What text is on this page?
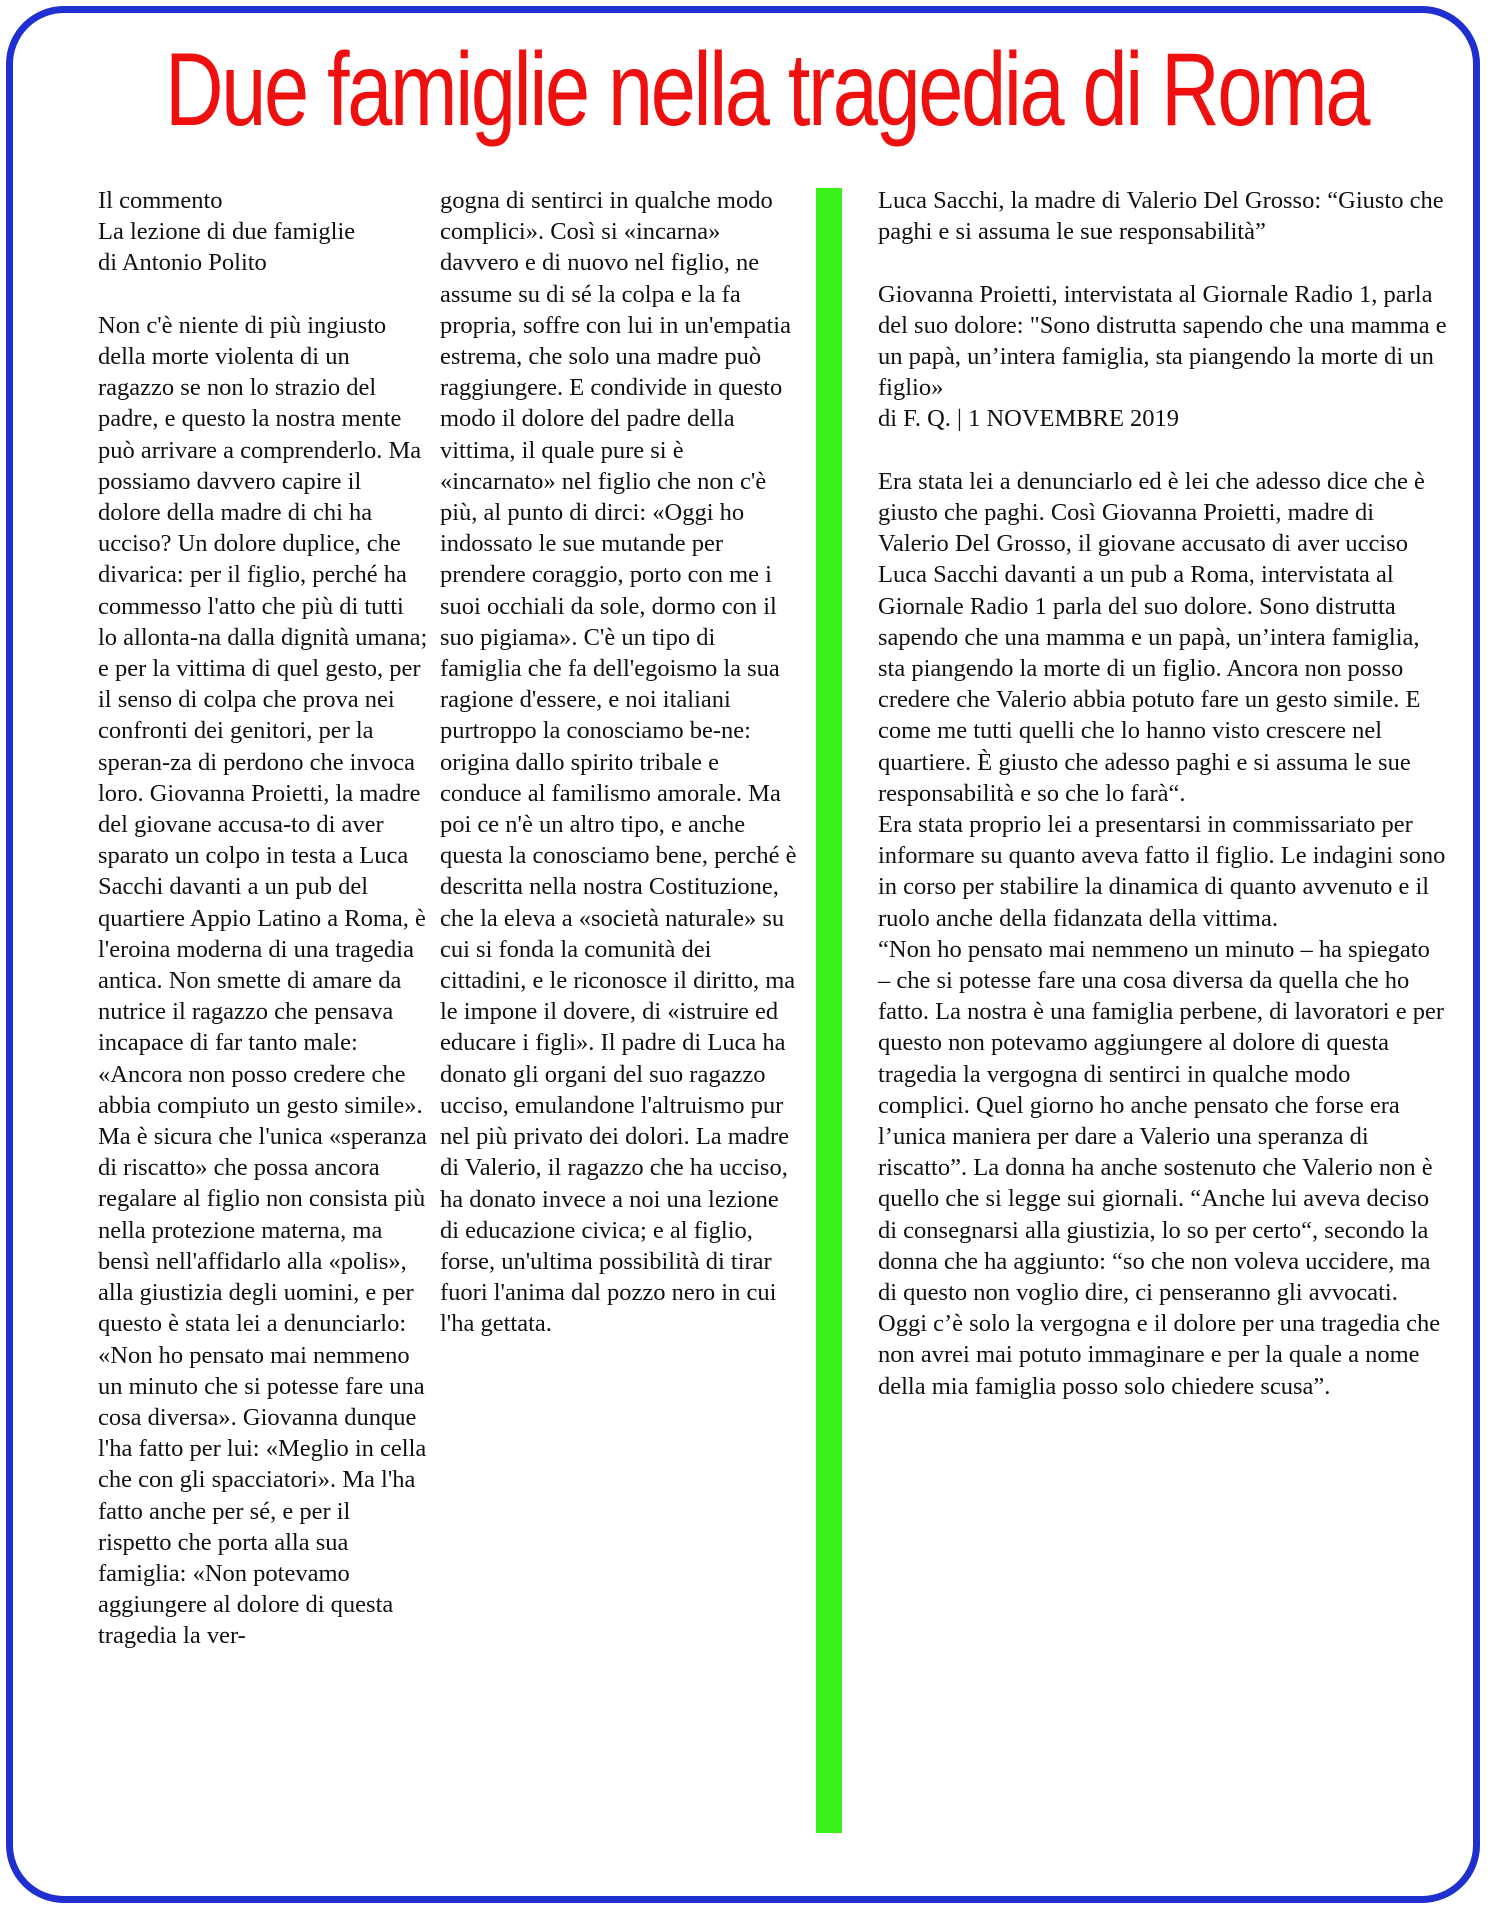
Due famiglie nella tragedia di Roma

Il commento

La lezione di due famiglie

di Antonio Polito

Non c'è niente di più ingiusto della morte violenta di un ragazzo se non lo strazio del padre, e questo la nostra mente può arrivare a comprenderlo. Ma possiamo davvero capire il dolore della madre di chi ha ucciso? Un dolore duplice, che divarica: per il figlio, perché ha commesso l'atto che più di tutti lo allonta-na dalla dignità umana; e per la vittima di quel gesto, per il senso di colpa che prova nei confronti dei genitori, per la speran-za di perdono che invoca loro. Giovanna Proietti, la madre del giovane accusa-to di aver sparato un colpo in testa a Luca Sacchi davanti a un pub del quartiere Appio Latino a Roma, è l'eroina moderna di una tragedia antica. Non smette di amare da nutrice il ragazzo che pensava incapace di far tanto male: «Ancora non posso credere che abbia compiuto un gesto simile». Ma è sicura che l'unica «speranza di riscatto» che possa ancora regalare al figlio non consista più nella protezione materna, ma bensì nell'affidarlo alla «polis», alla giustizia degli uomini, e per questo è stata lei a denunciarlo: «Non ho pensato mai nemmeno un minuto che si potesse fare una cosa diversa». Giovanna dunque l'ha fatto per lui: «Meglio in cella che con gli spacciatori». Ma l'ha fatto anche per sé, e per il rispetto che porta alla sua famiglia: «Non potevamo aggiungere al dolore di questa tragedia la ver-

gogna di sentirci in qualche modo complici». Così si «incarna» davvero e di nuovo nel figlio, ne assume su di sé la colpa e la fa propria, soffre con lui in un'empatia estrema, che solo una madre può raggiungere. E condivide in questo modo il dolore del padre della vittima, il quale pure si è «incarnato» nel figlio che non c'è più, al punto di dirci: «Oggi ho indossato le sue mutande per prendere coraggio, porto con me i suoi occhiali da sole, dormo con il suo pigiama». C'è un tipo di famiglia che fa dell'egoismo la sua ragione d'essere, e noi italiani purtroppo la conosciamo be-ne: origina dallo spirito tribale e conduce al familismo amorale. Ma poi ce n'è un altro tipo, e anche questa la conosciamo bene, perché è descritta nella nostra Costituzione, che la eleva a «società naturale» su cui si fonda la comunità dei cittadini, e le riconosce il diritto, ma le impone il dovere, di «istruire ed educare i figli». Il padre di Luca ha donato gli organi del suo ragazzo ucciso, emulandone l'altruismo pur nel più privato dei dolori. La madre di Valerio, il ragazzo che ha ucciso, ha donato invece a noi una lezione di educazione civica; e al figlio, forse, un'ultima possibilità di tirar fuori l'anima dal pozzo nero in cui l'ha gettata.

Luca Sacchi, la madre di Valerio Del Grosso: “Giusto che paghi e si assuma le sue responsabilità”

Giovanna Proietti, intervistata al Giornale Radio 1, parla del suo dolore: "Sono distrutta sapendo che una mamma e un papà, un’intera famiglia, sta piangendo la morte di un figlio»

di F. Q. | 1 NOVEMBRE 2019

Era stata lei a denunciarlo ed è lei che adesso dice che è giusto che paghi. Così Giovanna Proietti, madre di Valerio Del Grosso, il giovane accusato di aver ucciso Luca Sacchi davanti a un pub a Roma, intervistata al Giornale Radio 1 parla del suo dolore. Sono distrutta sapendo che una mamma e un papà, un’intera famiglia, sta piangendo la morte di un figlio. Ancora non posso credere che Valerio abbia potuto fare un gesto simile. E come me tutti quelli che lo hanno visto crescere nel quartiere. È giusto che adesso paghi e si assuma le sue responsabilità e so che lo farà“.

Era stata proprio lei a presentarsi in commissariato per informare su quanto aveva fatto il figlio. Le indagini sono in corso per stabilire la dinamica di quanto avvenuto e il ruolo anche della fidanzata della vittima.

“Non ho pensato mai nemmeno un minuto – ha spiegato – che si potesse fare una cosa diversa da quella che ho fatto. La nostra è una famiglia perbene, di lavoratori e per questo non potevamo aggiungere al dolore di questa tragedia la vergogna di sentirci in qualche modo complici. Quel giorno ho anche pensato che forse era l’unica maniera per dare a Valerio una speranza di riscatto”. La donna ha anche sostenuto che Valerio non è quello che si legge sui giornali. “Anche lui aveva deciso di consegnarsi alla giustizia, lo so per certo“, secondo la donna che ha aggiunto: “so che non voleva uccidere, ma di questo non voglio dire, ci penseranno gli avvocati. Oggi c’è solo la vergogna e il dolore per una tragedia che non avrei mai potuto immaginare e per la quale a nome della mia famiglia posso solo chiedere scusa”.
